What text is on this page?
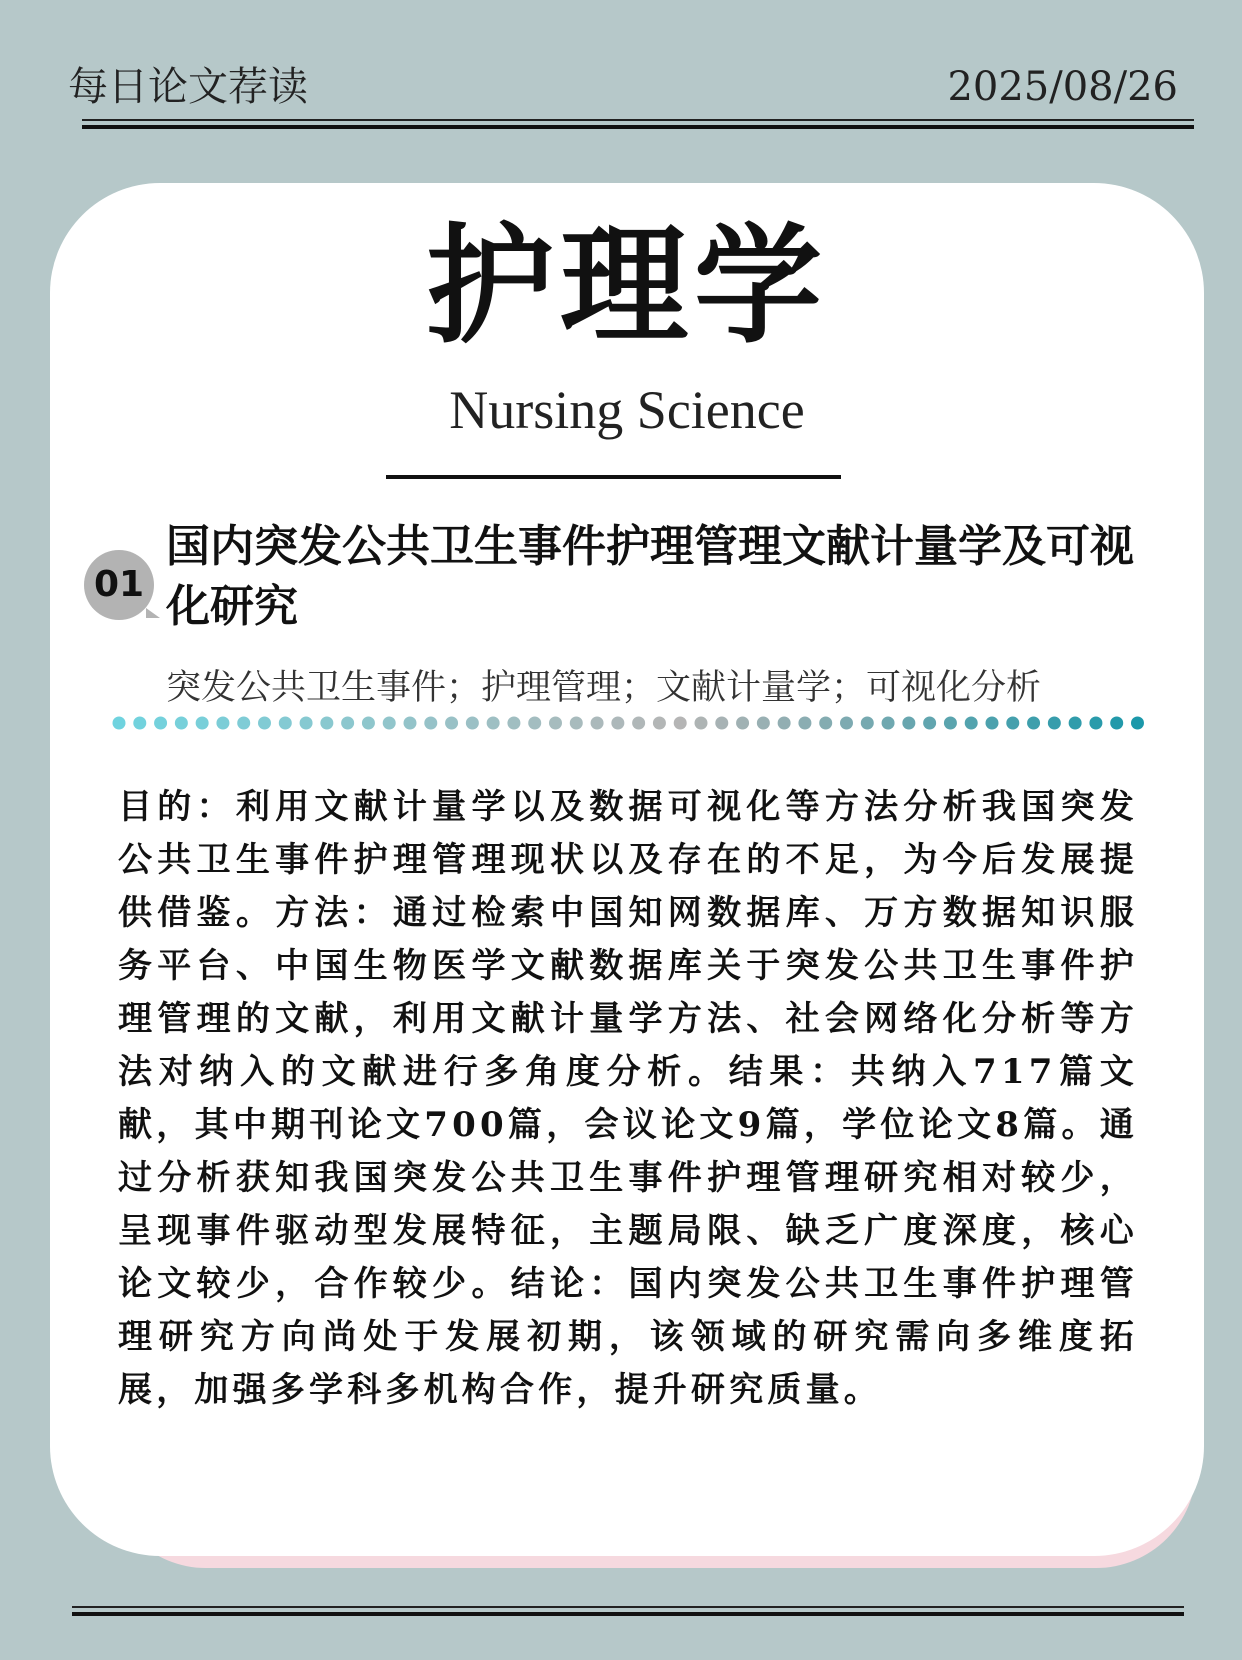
每日论文荐读	2025/08/26
护理学
Nursing Science
01
国内突发公共卫生事件护理管理文献计量学及可视化研究
突发公共卫生事件；护理管理；文献计量学；可视化分析
目的：利用文献计量学以及数据可视化等方法分析我国突发公共卫生事件护理管理现状以及存在的不足，为今后发展提供借鉴。方法：通过检索中国知网数据库、万方数据知识服务平台、中国生物医学文献数据库关于突发公共卫生事件护理管理的文献，利用文献计量学方法、社会网络化分析等方法对纳入的文献进行多角度分析。结果：共纳入717篇文献，其中期刊论文700篇，会议论文9篇，学位论文8篇。通过分析获知我国突发公共卫生事件护理管理研究相对较少，呈现事件驱动型发展特征，主题局限、缺乏广度深度，核心论文较少，合作较少。结论：国内突发公共卫生事件护理管理研究方向尚处于发展初期，该领域的研究需向多维度拓展，加强多学科多机构合作，提升研究质量。
